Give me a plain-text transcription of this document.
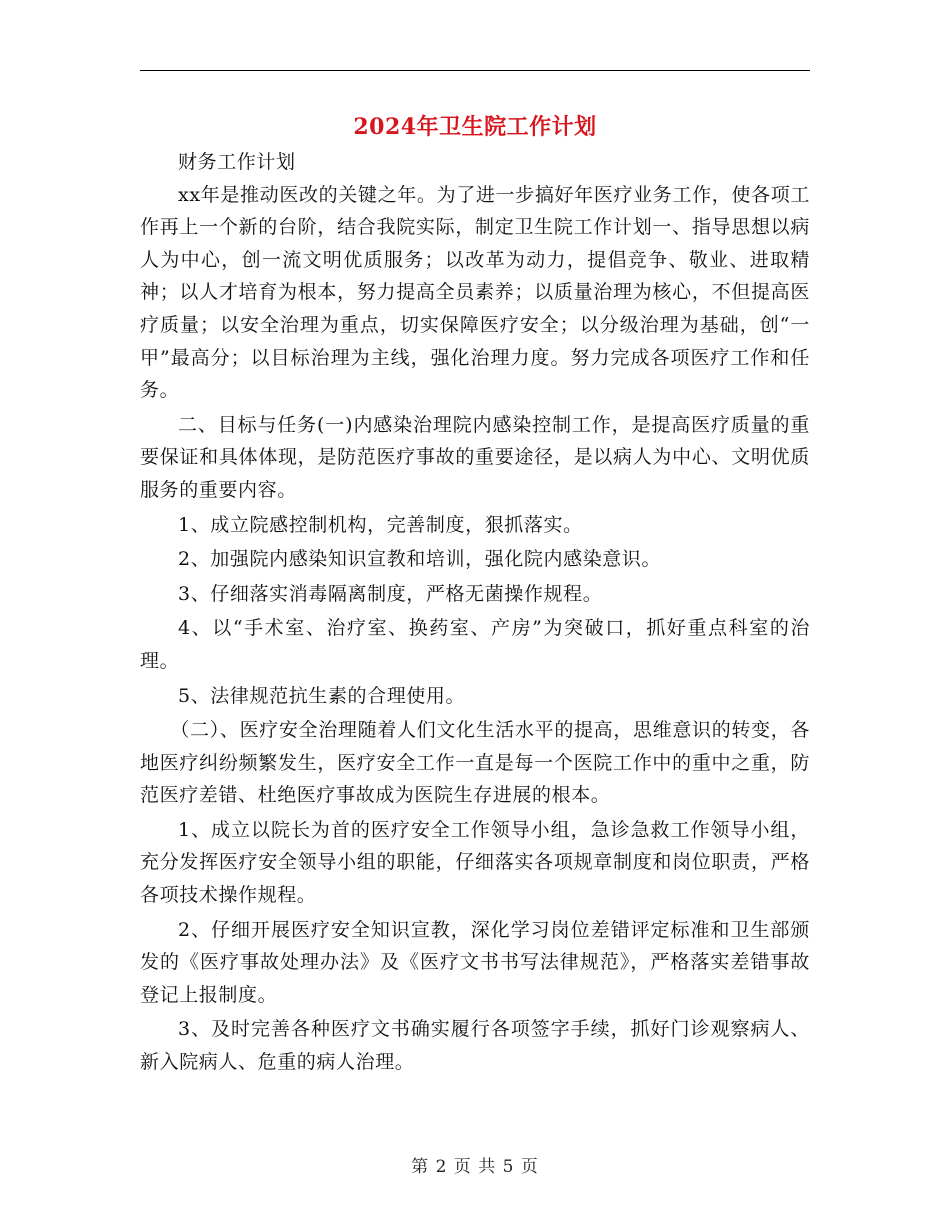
2024年卫生院工作计划

财务工作计划

xx年是推动医改的关键之年。为了进一步搞好年医疗业务工作，使各项工作再上一个新的台阶，结合我院实际，制定卫生院工作计划一、指导思想以病人为中心，创一流文明优质服务；以改革为动力，提倡竞争、敬业、进取精神；以人才培育为根本，努力提高全员素养；以质量治理为核心，不但提高医疗质量；以安全治理为重点，切实保障医疗安全；以分级治理为基础，创“一甲”最高分；以目标治理为主线，强化治理力度。努力完成各项医疗工作和任务。

二、目标与任务(一)内感染治理院内感染控制工作，是提高医疗质量的重要保证和具体体现，是防范医疗事故的重要途径，是以病人为中心、文明优质服务的重要内容。

1、成立院感控制机构，完善制度，狠抓落实。

2、加强院内感染知识宣教和培训，强化院内感染意识。

3、仔细落实消毒隔离制度，严格无菌操作规程。

4、以“手术室、治疗室、换药室、产房”为突破口，抓好重点科室的治理。

5、法律规范抗生素的合理使用。

（二）、医疗安全治理随着人们文化生活水平的提高，思维意识的转变，各地医疗纠纷频繁发生，医疗安全工作一直是每一个医院工作中的重中之重，防范医疗差错、杜绝医疗事故成为医院生存进展的根本。

1、成立以院长为首的医疗安全工作领导小组，急诊急救工作领导小组，充分发挥医疗安全领导小组的职能，仔细落实各项规章制度和岗位职责，严格各项技术操作规程。

2、仔细开展医疗安全知识宣教，深化学习岗位差错评定标准和卫生部颁发的《医疗事故处理办法》及《医疗文书书写法律规范》，严格落实差错事故登记上报制度。

3、及时完善各种医疗文书确实履行各项签字手续，抓好门诊观察病人、新入院病人、危重的病人治理。

第 2 页 共 5 页
